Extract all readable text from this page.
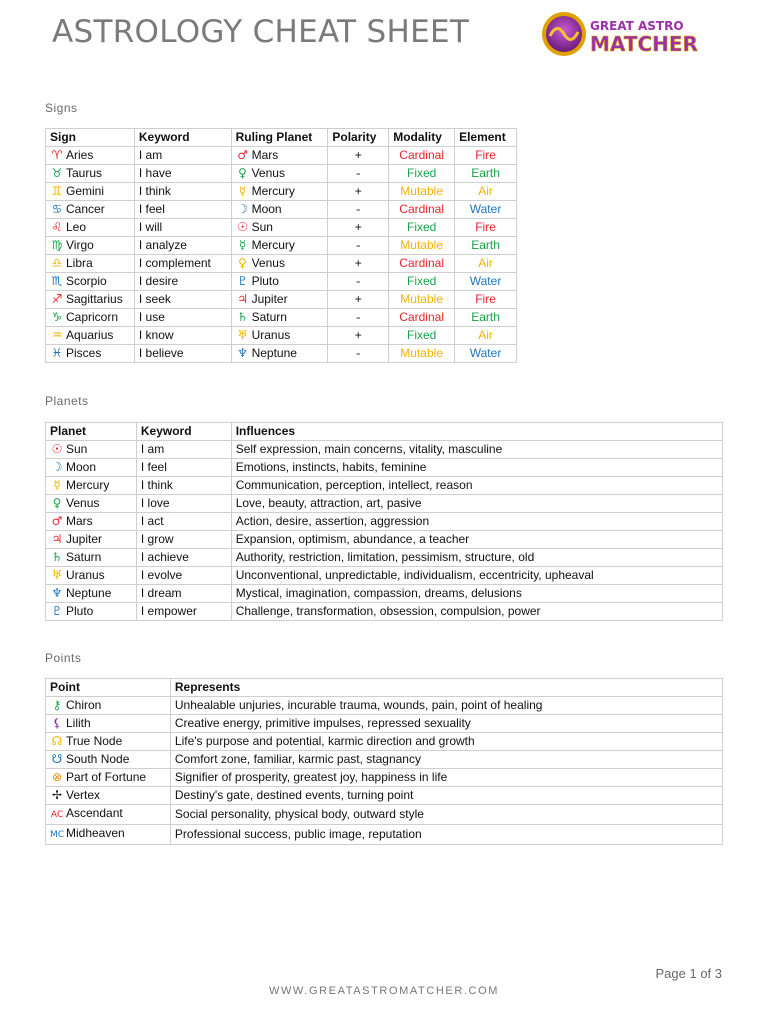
ASTROLOGY CHEAT SHEET	GREAT ASTRO
MATCHER
Signs
Sign	Keyword	Ruling Planet	Polarity	Modality	Element
♈ Aries	I am	♂ Mars	+	Cardinal	Fire
♉ Taurus	I have	♀ Venus	-	Fixed	Earth
♊ Gemini	I think	☿ Mercury	+	Mutable	Air
♋ Cancer	I feel	☽ Moon	-	Cardinal	Water
♌ Leo	I will	☉ Sun	+	Fixed	Fire
♍ Virgo	I analyze	☿ Mercury	-	Mutable	Earth
♎ Libra	I complement	♀ Venus	+	Cardinal	Air
♏ Scorpio	I desire	♇ Pluto	-	Fixed	Water
♐ Sagittarius	I seek	♃ Jupiter	+	Mutable	Fire
♑ Capricorn	I use	♄ Saturn	-	Cardinal	Earth
♒ Aquarius	I know	♅ Uranus	+	Fixed	Air
♓ Pisces	I believe	♆ Neptune	-	Mutable	Water
Planets
Planet	Keyword	Influences
☉ Sun	I am	Self expression, main concerns, vitality, masculine
☽ Moon	I feel	Emotions, instincts, habits, feminine
☿ Mercury	I think	Communication, perception, intellect, reason
♀ Venus	I love	Love, beauty, attraction, art, pasive
♂ Mars	I act	Action, desire, assertion, aggression
♃ Jupiter	I grow	Expansion, optimism, abundance, a teacher
♄ Saturn	I achieve	Authority, restriction, limitation, pessimism, structure, old
♅ Uranus	I evolve	Unconventional, unpredictable, individualism, eccentricity, upheaval
♆ Neptune	I dream	Mystical, imagination, compassion, dreams, delusions
♇ Pluto	I empower	Challenge, transformation, obsession, compulsion, power
Points
Point	Represents
⚷ Chiron	Unhealable unjuries, incurable trauma, wounds, pain, point of healing
⚸ Lilith	Creative energy, primitive impulses, repressed sexuality
☊ True Node	Life's purpose and potential, karmic direction and growth
☋ South Node	Comfort zone, familiar, karmic past, stagnancy
⊗ Part of Fortune	Signifier of prosperity, greatest joy, happiness in life
✢ Vertex	Destiny's gate, destined events, turning point
AC Ascendant	Social personality, physical body, outward style
MC Midheaven	Professional success, public image, reputation
Page 1 of 3
WWW.GREATASTROMATCHER.COM
